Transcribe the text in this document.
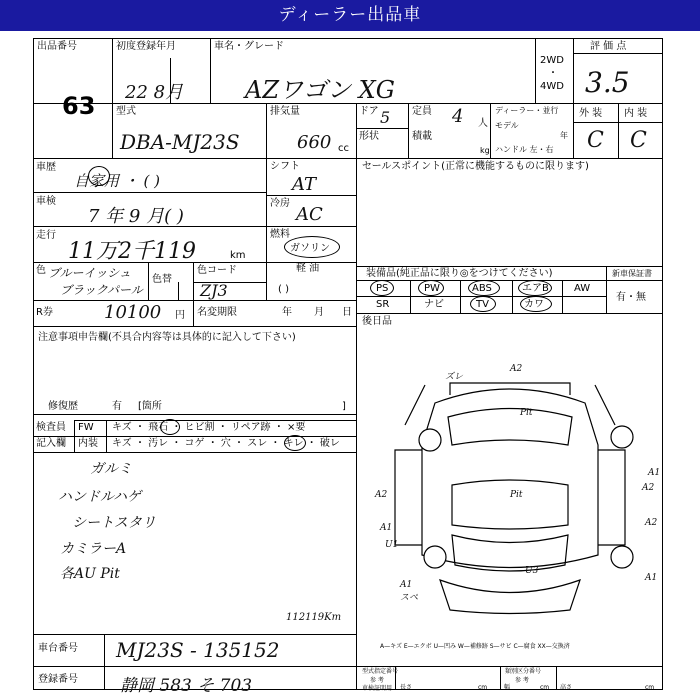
ディーラー出品車
出品番号
63
初度登録年月
22 8月
車名・グレード
AZワゴン XG
2WD
・
4WD
評 価 点
3.5
型式
DBA-MJ23S
排気量
660 cc
ドア 5
形状
定員 4 人
積載
kg
ディーラー・並行
モデル
年
ハンドル 左・右
外 装 内 装
C C
車歴
自家用 ・ ( )
車検
7 年 9 月( )
走行
11万2千119	km
シフト
AT
冷房
AC
燃料
ガソリン
軽 油
( )
色 ブルーイッシュ
ブラックパール
色替
色コード
ZJ3
R券	10100 円 名変期限	年 月 日
セールスポイント(正常に機能するものに限ります)
装備品(純正品に限り◎をつけてください)	新車保証書
有・無
PS	PW	ABS	エアB	AW
SR	ナビ	TV	カワ
後日品
注意事項申告欄(不具合内容等は具体的に記入して下さい)
修復歴	有 [箇所	]
検査員
記入欄
FW
内装
キズ ・ 飛石 ・ ヒビ割 ・ リペア跡 ・ ×要
キズ ・ 汚レ ・ コゲ ・ 穴 ・ スレ ・ キレ ・ 破レ
ガルミ
ハンドルハゲ
シートスタリ
カミラーA
各AU Pit
112119Km
ズレ
A2
Pit
Pit
A1
A2
A2
A1	A2
A1
U1
U3
A1
スペ
A—キズ E—エクボ U—凹み W—補修跡 S—サビ C—腐食 XX—交換済
車台番号 MJ23S - 135152
登録番号 静岡 583 そ 703
型式指定番号
参 考
類別区分番号
参 考
車検証明用 長さ	cm	幅	cm 高さ	cm
